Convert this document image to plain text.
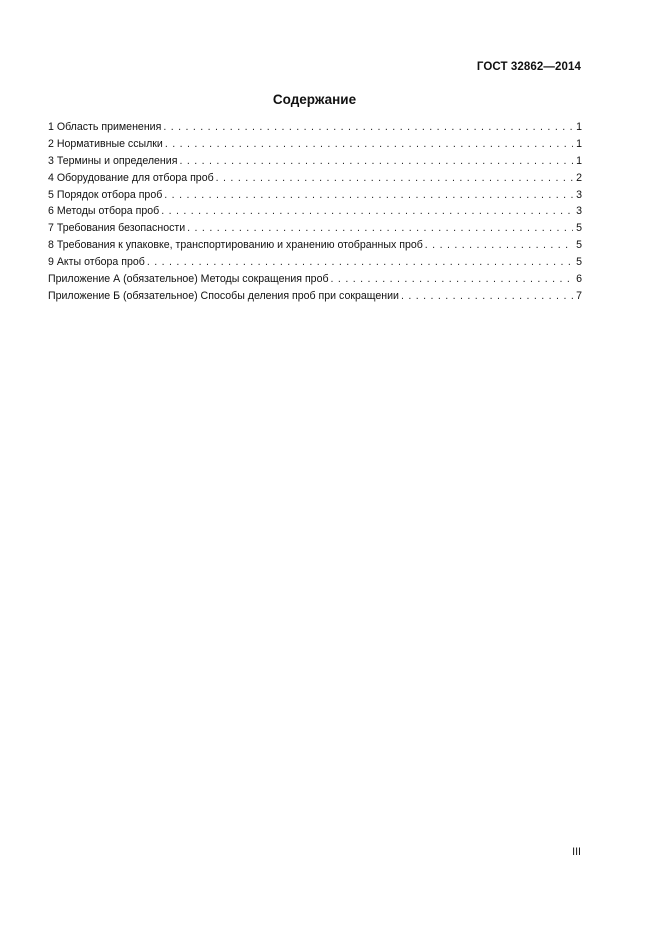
ГОСТ 32862—2014
Содержание
1 Область применения . . .	1
2 Нормативные ссылки . . .	1
3 Термины и определения . . .	1
4 Оборудование для отбора проб . . .	2
5 Порядок отбора проб . . .	3
6 Методы отбора проб . . .	3
7 Требования безопасности . . .	5
8 Требования к упаковке, транспортированию и хранению отобранных проб . . .	5
9 Акты отбора проб . . .	5
Приложение А (обязательное) Методы сокращения проб . . .	6
Приложение Б (обязательное) Способы деления проб при сокращении . . .	7
III
